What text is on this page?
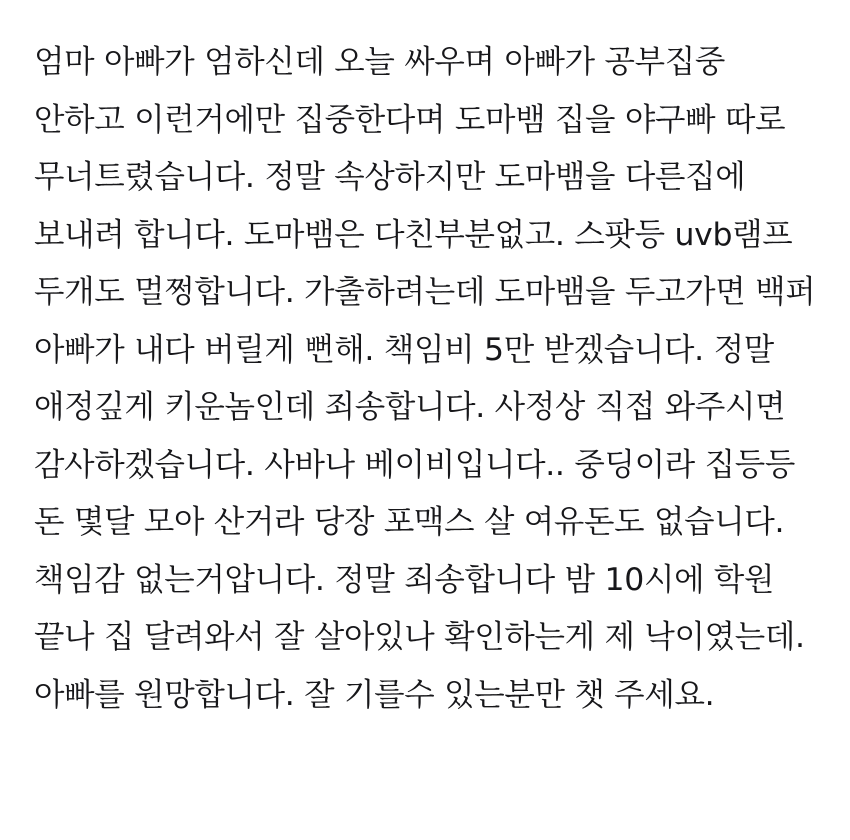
엄마 아빠가 엄하신데 오늘 싸우며 아빠가 공부집중 안하고 이런거에만 집중한다며 도마뱀 집을 야구빠 따로 무너트렸습니다. 정말 속상하지만 도마뱀을 다른집에 보내려 합니다. 도마뱀은 다친부분없고. 스팟등 uvb램프 두개도 멀쩡합니다. 가출하려는데 도마뱀을 두고가면 백퍼 아빠가 내다 버릴게 뻔해. 책임비 5만 받겠습니다. 정말 애정깊게 키운놈인데 죄송합니다. 사정상 직접 와주시면 감사하겠습니다. 사바나 베이비입니다.. 중딩이라 집등등 돈 몇달 모아 산거라 당장 포맥스 살 여유돈도 없습니다. 책임감 없는거압니다. 정말 죄송합니다 밤 10시에 학원 끝나 집 달려와서 잘 살아있나 확인하는게 제 낙이였는데. 아빠를 원망합니다. 잘 기를수 있는분만 챗 주세요.
